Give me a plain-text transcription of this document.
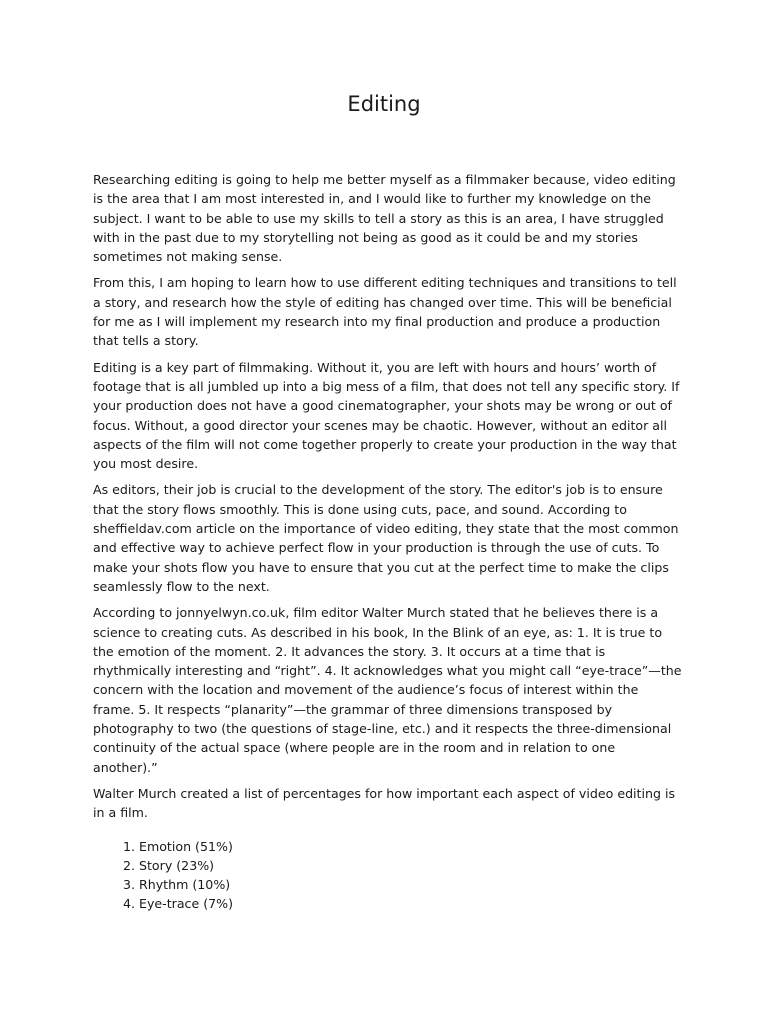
Editing

Researching editing is going to help me better myself as a filmmaker because, video editing is the area that I am most interested in, and I would like to further my knowledge on the subject. I want to be able to use my skills to tell a story as this is an area, I have struggled with in the past due to my storytelling not being as good as it could be and my stories sometimes not making sense.

From this, I am hoping to learn how to use different editing techniques and transitions to tell a story, and research how the style of editing has changed over time. This will be beneficial for me as I will implement my research into my final production and produce a production that tells a story.

Editing is a key part of filmmaking. Without it, you are left with hours and hours’ worth of footage that is all jumbled up into a big mess of a film, that does not tell any specific story. If your production does not have a good cinematographer, your shots may be wrong or out of focus. Without, a good director your scenes may be chaotic. However, without an editor all aspects of the film will not come together properly to create your production in the way that you most desire.

As editors, their job is crucial to the development of the story. The editor's job is to ensure that the story flows smoothly. This is done using cuts, pace, and sound. According to sheffieldav.com article on the importance of video editing, they state that the most common and effective way to achieve perfect flow in your production is through the use of cuts. To make your shots flow you have to ensure that you cut at the perfect time to make the clips seamlessly flow to the next.

According to jonnyelwyn.co.uk, film editor Walter Murch stated that he believes there is a science to creating cuts. As described in his book, In the Blink of an eye, as: 1. It is true to the emotion of the moment. 2. It advances the story. 3. It occurs at a time that is rhythmically interesting and “right”. 4. It acknowledges what you might call “eye-trace”—the concern with the location and movement of the audience’s focus of interest within the frame. 5. It respects “planarity”—the grammar of three dimensions transposed by photography to two (the questions of stage-line, etc.) and it respects the three-dimensional continuity of the actual space (where people are in the room and in relation to one another).”

Walter Murch created a list of percentages for how important each aspect of video editing is in a film.

1. Emotion (51%)
2. Story (23%)
3. Rhythm (10%)
4. Eye-trace (7%)
